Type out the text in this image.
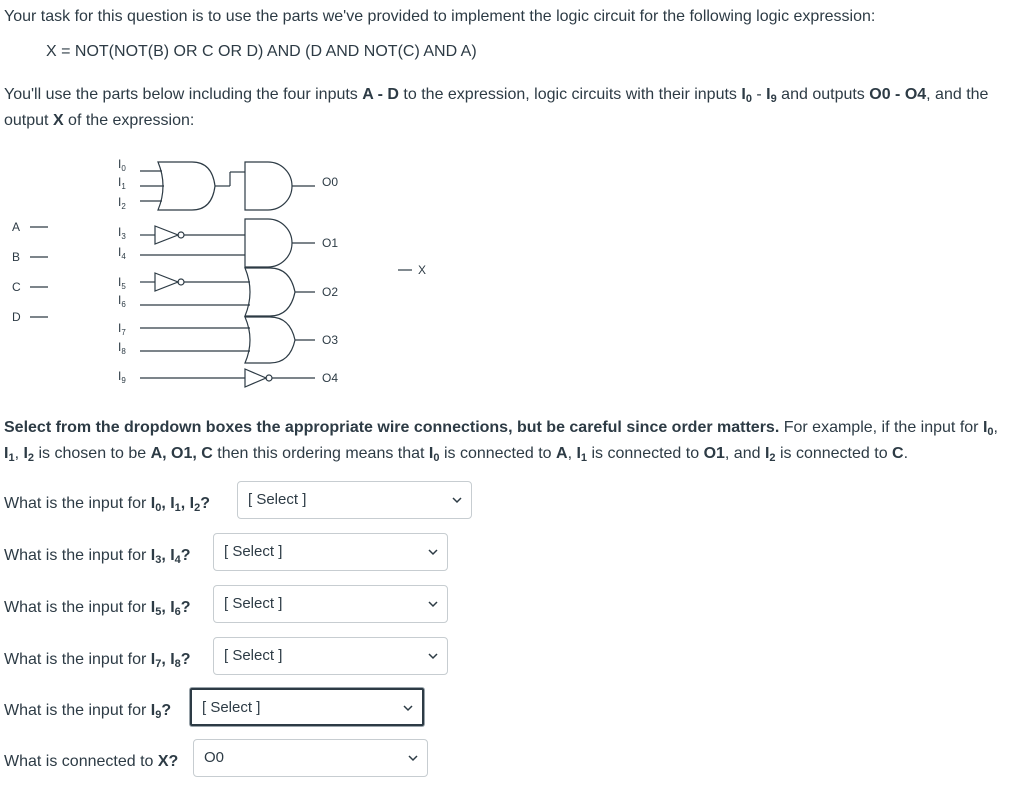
Your task for this question is to use the parts we've provided to implement the logic circuit for the following logic expression:
X = NOT(NOT(B) OR C OR D) AND (D AND NOT(C) AND A)
You'll use the parts below including the four inputs A - D to the expression, logic circuits with their inputs $I_0 - I_9$ and outputs O0 - O4, and the output X of the expression:
A
B
C
D
$I_0$
$I_1$
$I_2$
$I_3$
$I_4$
$I_5$
$I_6$
$I_7$
$I_8$
$I_9$
O0
O1
O2
O3
O4
X
Select from the dropdown boxes the appropriate wire connections, but be careful since order matters. For example, if the input for $I_0$, $I_1$, $I_2$ is chosen to be A, O1, C then this ordering means that $I_0$ is connected to A, $I_1$ is connected to O1, and $I_2$ is connected to C.
What is the input for $I_0$, $I_1$, $I_2$?	[ Select ]
What is the input for $I_3$, $I_4$? [ Select ]
What is the input for $I_5$, $I_6$? [ Select ]
What is the input for $I_7$, $I_8$? [ Select ]
What is the input for $I_9$? [ Select ]
What is connected to X? O0
